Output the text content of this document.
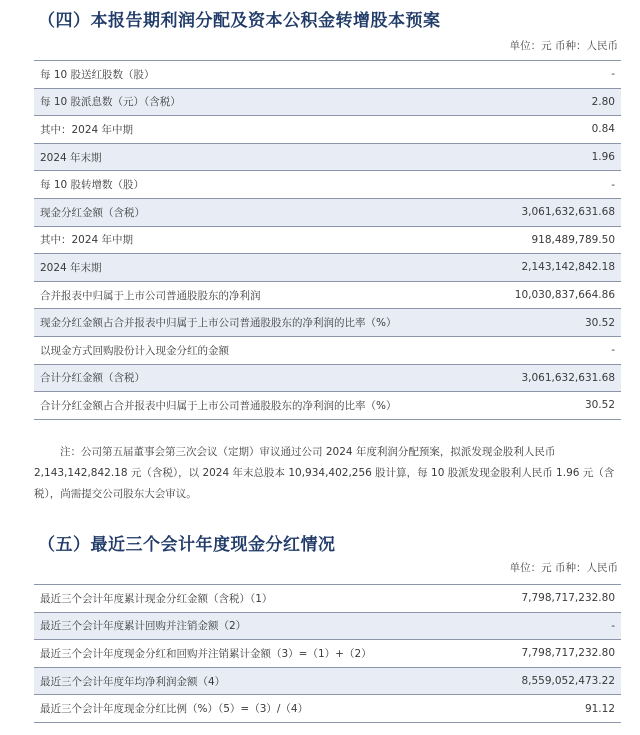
（四）本报告期利润分配及资本公积金转增股本预案
单位：元 币种：人民币
每 10 股送红股数（股）	-
每 10 股派息数（元）（含税）	2.80
其中：2024 年中期	0.84
2024 年末期	1.96
每 10 股转增数（股）	-
现金分红金额（含税）	3,061,632,631.68
其中：2024 年中期	918,489,789.50
2024 年末期	2,143,142,842.18
合并报表中归属于上市公司普通股股东的净利润	10,030,837,664.86
现金分红金额占合并报表中归属于上市公司普通股股东的净利润的比率（%）	30.52
以现金方式回购股份计入现金分红的金额	-
合计分红金额（含税）	3,061,632,631.68
合计分红金额占合并报表中归属于上市公司普通股股东的净利润的比率（%）	30.52
注：公司第五届董事会第三次会议（定期）审议通过公司 2024 年度利润分配预案，拟派发现金股利人民币 2,143,142,842.18 元（含税），以 2024 年末总股本 10,934,402,256 股计算，每 10 股派发现金股利人民币 1.96 元（含税），尚需提交公司股东大会审议。
（五）最近三个会计年度现金分红情况
单位：元 币种：人民币
最近三个会计年度累计现金分红金额（含税）（1）	7,798,717,232.80
最近三个会计年度累计回购并注销金额（2）	-
最近三个会计年度现金分红和回购并注销累计金额（3）=（1）+（2）	7,798,717,232.80
最近三个会计年度年均净利润金额（4）	8,559,052,473.22
最近三个会计年度现金分红比例（%）（5）=（3）/（4）	91.12
